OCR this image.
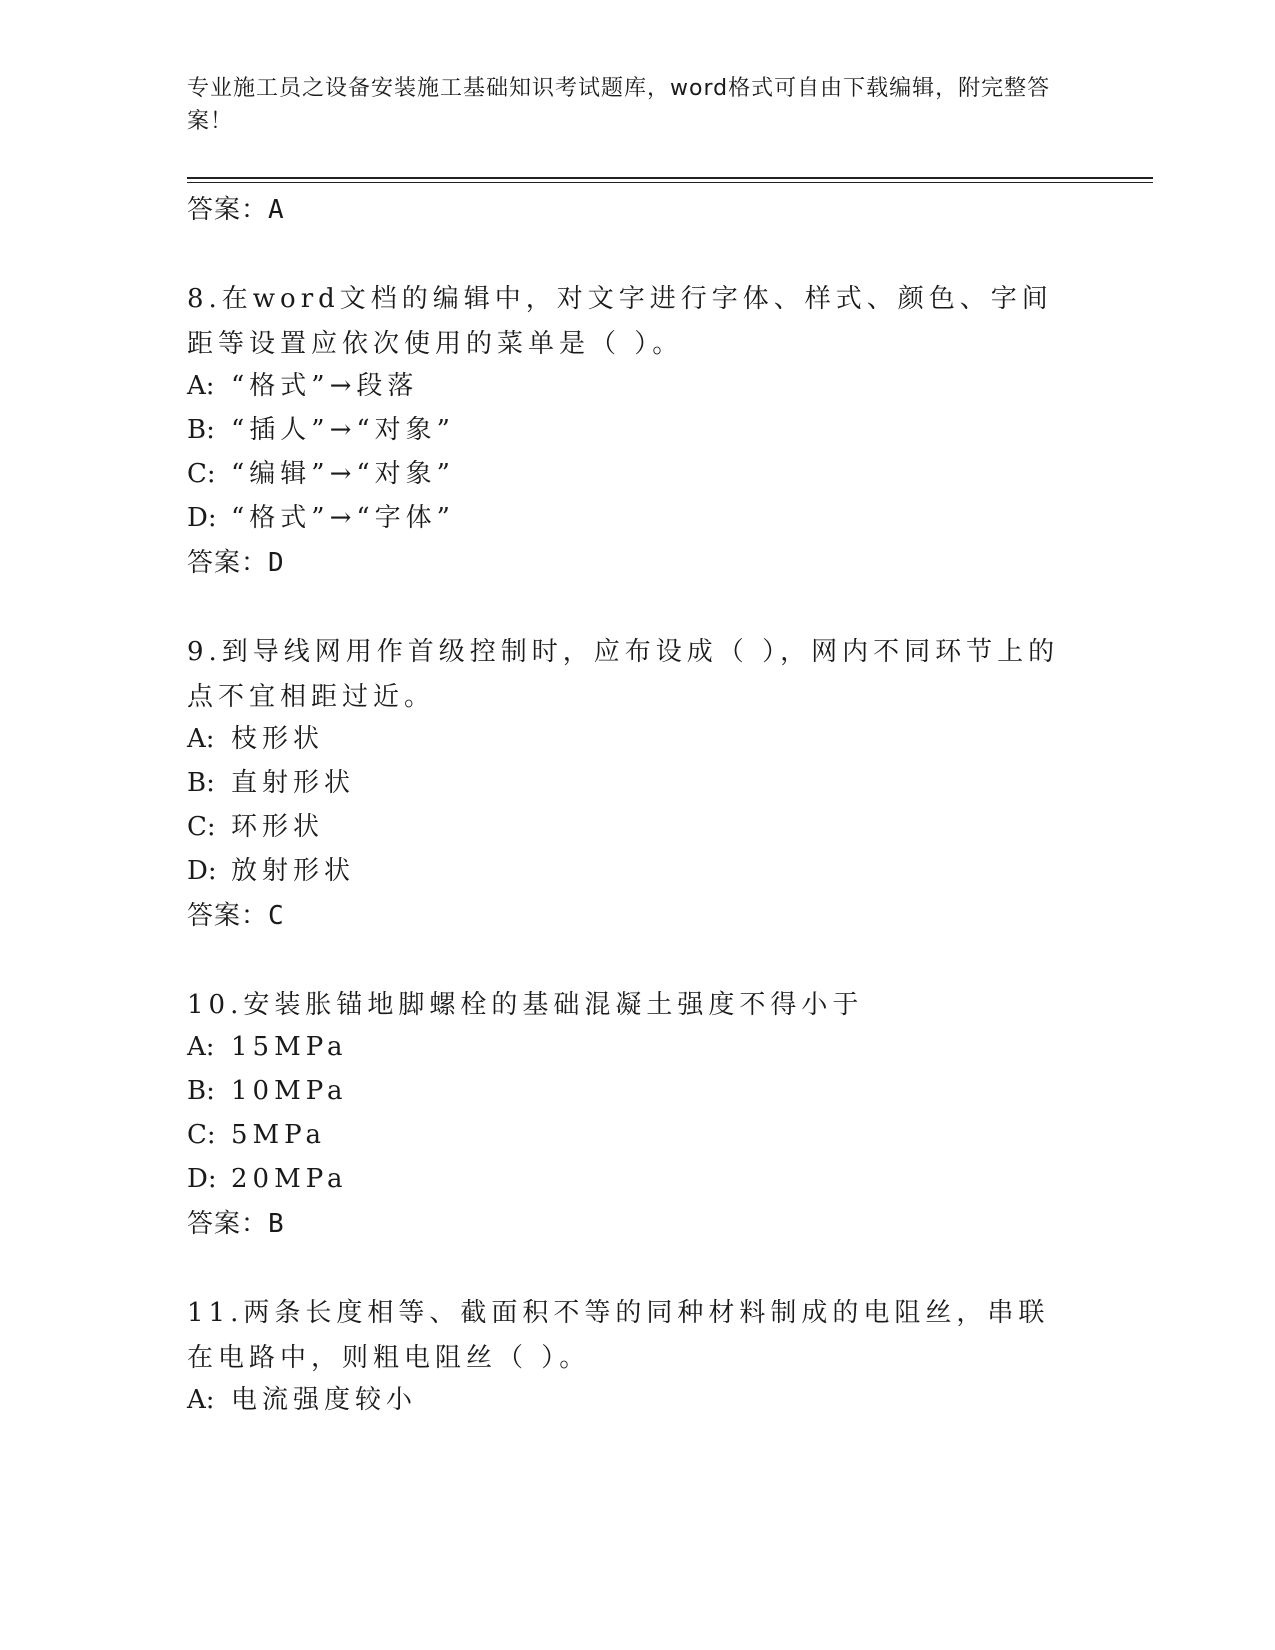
专业施工员之设备安装施工基础知识考试题库，word格式可自由下载编辑，附完整答案！
答案：A
8.在word文档的编辑中，对文字进行字体、样式、颜色、字间距等设置应依次使用的菜单是（ ）。
A: “格式”→段落
B: “插人”→“对象”
C: “编辑”→“对象”
D: “格式”→“字体”
答案：D
9.到导线网用作首级控制时，应布设成（ ），网内不同环节上的点不宜相距过近。
A: 枝形状
B: 直射形状
C: 环形状
D: 放射形状
答案：C
10.安装胀锚地脚螺栓的基础混凝土强度不得小于
A: 15MPa
B: 10MPa
C: 5MPa
D: 20MPa
答案：B
11.两条长度相等、截面积不等的同种材料制成的电阻丝，串联在电路中，则粗电阻丝（ ）。
A: 电流强度较小
